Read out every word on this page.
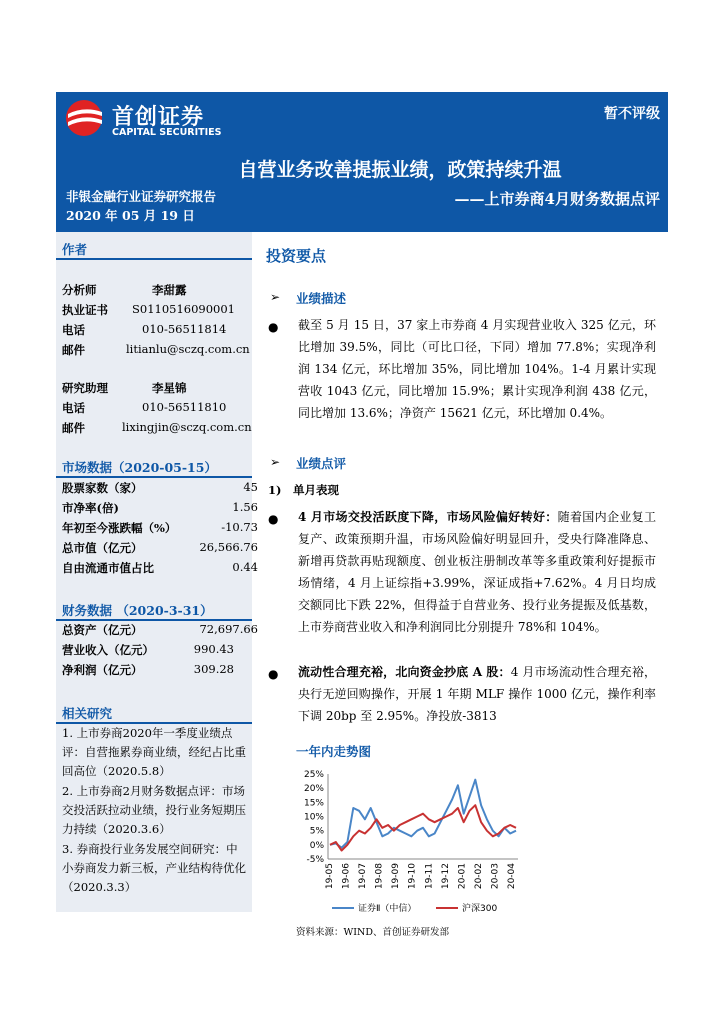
首创证券
CAPITAL SECURITIES
暂不评级
自营业务改善提振业绩，政策持续升温
非银金融行业证券研究报告	——上市券商4月财务数据点评
2020 年 05 月 19 日
作者
分析师	李甜露
执业证书 S0110516090001
电话	010-56511814
邮件	litianlu@sczq.com.cn
研究助理	李星锦
电话	010-56511810
邮件	lixingjin@sczq.com.cn
市场数据（2020-05-15）
股票家数（家）	45
市净率(倍)	1.56
年初至今涨跌幅（%）	-10.73
总市值（亿元）	26,566.76
自由流通市值占比	0.44
财务数据 （2020-3-31）
总资产（亿元）	72,697.66
营业收入（亿元）	990.43
净利润（亿元）	309.28
相关研究
1. 上市券商2020年一季度业绩点评：自营拖累券商业绩，经纪占比重回高位（2020.5.8）
2. 上市券商2月财务数据点评：市场交投活跃拉动业绩，投行业务短期压力持续（2020.3.6）
3. 券商投行业务发展空间研究：中小券商发力新三板，产业结构待优化（2020.3.3）
投资要点
➢ 业绩描述
● 截至 5 月 15 日，37 家上市券商 4 月实现营业收入 325 亿元，环比增加 39.5%，同比（可比口径，下同）增加 77.8%；实现净利润 134 亿元，环比增加 35%，同比增加 104%。1-4 月累计实现营收 1043 亿元，同比增加 15.9%；累计实现净利润 438 亿元，同比增加 13.6%；净资产 15621 亿元，环比增加 0.4%。
➢ 业绩点评
1)　单月表现
● 4 月市场交投活跃度下降，市场风险偏好转好：随着国内企业复工复产、政策预期升温，市场风险偏好明显回升，受央行降准降息、新增再贷款再贴现额度、创业板注册制改革等多重政策利好提振市场情绪，4 月上证综指+3.99%，深证成指+7.62%。4 月日均成交额同比下跌 22%，但得益于自营业务、投行业务提振及低基数，上市券商营业收入和净利润同比分别提升 78%和 104%。
● 流动性合理充裕，北向资金抄底 A 股：4 月市场流动性合理充裕，央行无逆回购操作，开展 1 年期 MLF 操作 1000 亿元，操作利率下调 20bp 至 2.95%。净投放-3813
一年内走势图
25%
20%
15%
10%
5%
0%
-5%
19-05 19-06 19-07 19-08 19-09 19-10 19-11 19-12 20-01 20-02 20-03 20-04
证券Ⅱ（中信）	沪深300
资料来源：WIND、首创证券研发部
